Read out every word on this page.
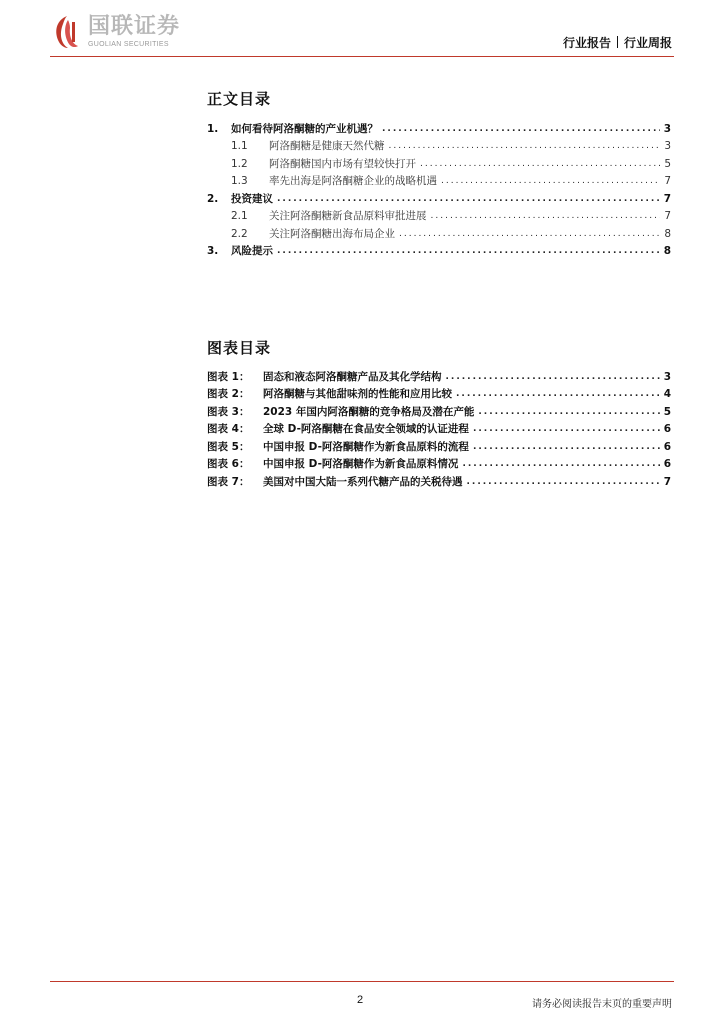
国联证券
GUOLIAN SECURITIES	行业报告 行业周报
正文目录
1.	如何看待阿洛酮糖的产业机遇？ .....	3
1.1	阿洛酮糖是健康天然代糖 .....	3
1.2	阿洛酮糖国内市场有望较快打开 .....	5
1.3	率先出海是阿洛酮糖企业的战略机遇 .....	7
2.	投资建议 .....	7
2.1	关注阿洛酮糖新食品原料审批进展 .....	7
2.2	关注阿洛酮糖出海布局企业 .....	8
3.	风险提示 .....	8
图表目录
图表 1：	固态和液态阿洛酮糖产品及其化学结构 .....	3
图表 2：	阿洛酮糖与其他甜味剂的性能和应用比较 .....	4
图表 3：	2023 年国内阿洛酮糖的竞争格局及潜在产能 .....	5
图表 4：	全球 D-阿洛酮糖在食品安全领域的认证进程 .....	6
图表 5：	中国申报 D-阿洛酮糖作为新食品原料的流程 .....	6
图表 6：	中国申报 D-阿洛酮糖作为新食品原料情况 .....	6
图表 7：	美国对中国大陆一系列代糖产品的关税待遇 .....	7
2	请务必阅读报告末页的重要声明
